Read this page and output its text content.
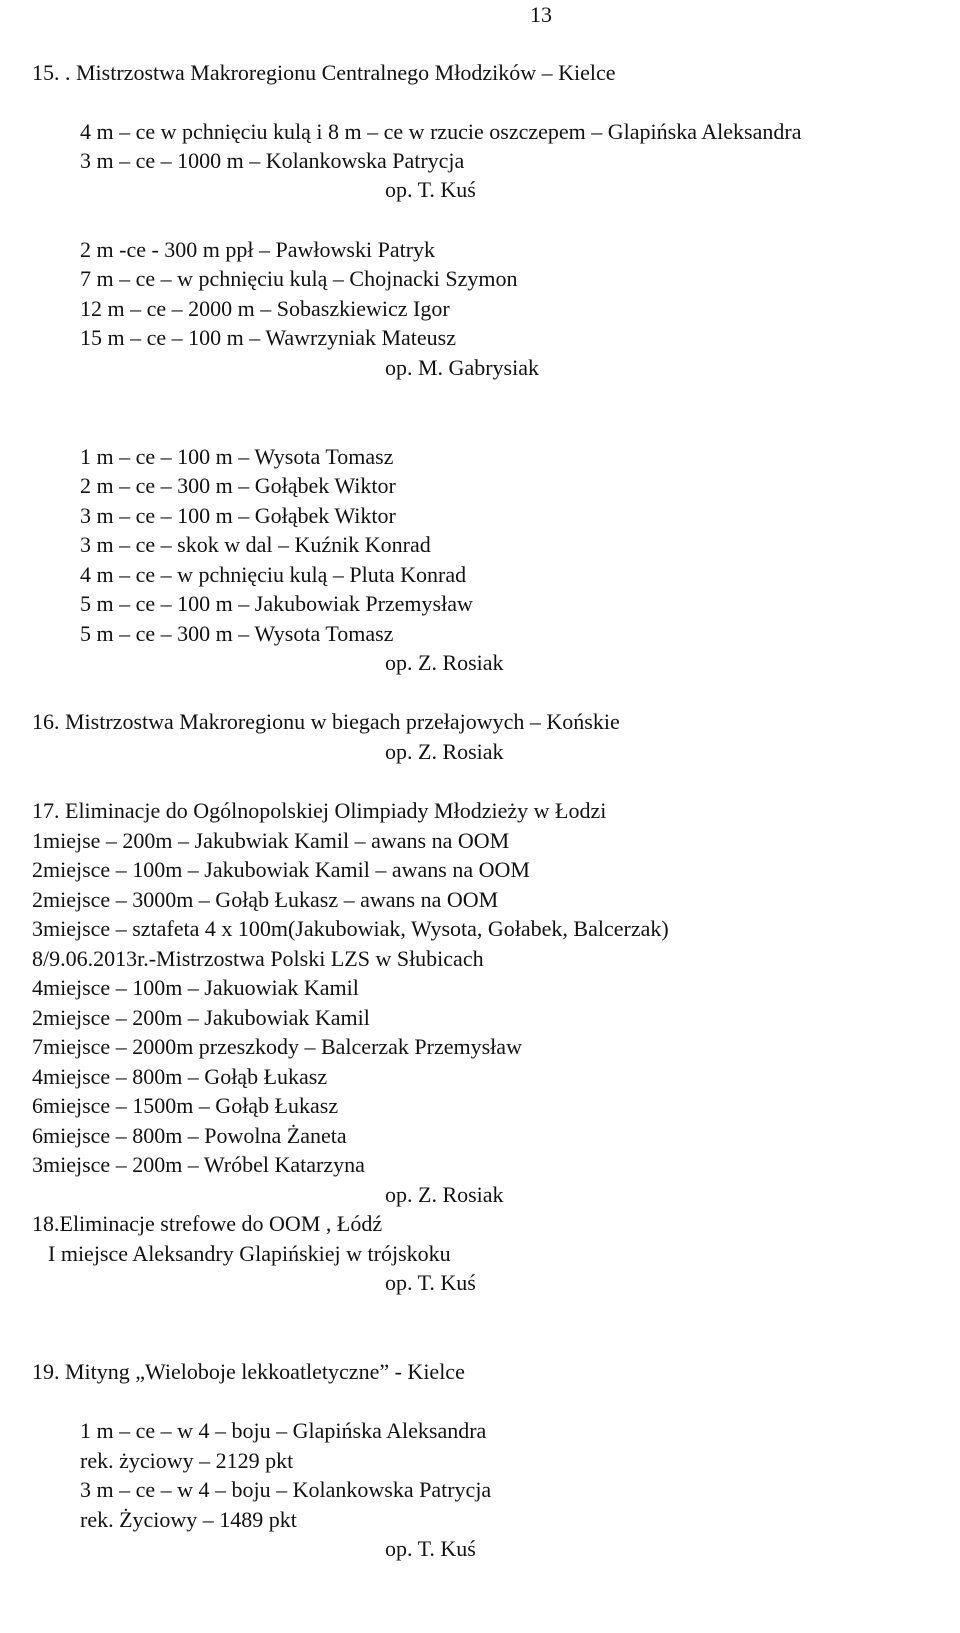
13
15. . Mistrzostwa Makroregionu Centralnego Młodzików – Kielce
4 m – ce w pchnięciu kulą i 8 m – ce w rzucie oszczepem – Glapińska Aleksandra
3 m – ce – 1000 m – Kolankowska Patrycja
op. T. Kuś
2 m -ce - 300 m ppł – Pawłowski Patryk
7 m – ce – w pchnięciu kulą – Chojnacki Szymon
12 m – ce – 2000 m – Sobaszkiewicz Igor
15 m – ce – 100 m – Wawrzyniak Mateusz
op. M. Gabrysiak
1 m – ce – 100 m – Wysota Tomasz
2 m – ce – 300 m – Gołąbek Wiktor
3 m – ce – 100 m – Gołąbek Wiktor
3 m – ce – skok w dal – Kuźnik Konrad
4 m – ce – w pchnięciu kulą – Pluta Konrad
5 m – ce – 100 m – Jakubowiak Przemysław
5 m – ce – 300 m – Wysota Tomasz
op. Z. Rosiak
16. Mistrzostwa Makroregionu w biegach przełajowych – Końskie
op. Z. Rosiak
17. Eliminacje do Ogólnopolskiej Olimpiady Młodzieży w Łodzi
1miejse – 200m – Jakubwiak Kamil – awans na OOM
2miejsce – 100m – Jakubowiak Kamil – awans na OOM
2miejsce – 3000m – Gołąb Łukasz – awans na OOM
3miejsce – sztafeta 4 x 100m(Jakubowiak, Wysota, Gołabek, Balcerzak)
8/9.06.2013r.-Mistrzostwa Polski LZS w Słubicach
4miejsce – 100m – Jakuowiak Kamil
2miejsce – 200m – Jakubowiak Kamil
7miejsce – 2000m przeszkody – Balcerzak Przemysław
4miejsce – 800m – Gołąb Łukasz
6miejsce – 1500m – Gołąb Łukasz
6miejsce – 800m – Powolna Żaneta
3miejsce – 200m – Wróbel Katarzyna
op. Z. Rosiak
18.Eliminacje strefowe do OOM , Łódź
I miejsce Aleksandry Glapińskiej w trójskoku
op. T. Kuś
19. Mityng „Wieloboje lekkoatletyczne” - Kielce
1 m – ce – w 4 – boju – Glapińska Aleksandra
rek. życiowy – 2129 pkt
3 m – ce – w 4 – boju – Kolankowska Patrycja
rek. Życiowy – 1489 pkt
op. T. Kuś
